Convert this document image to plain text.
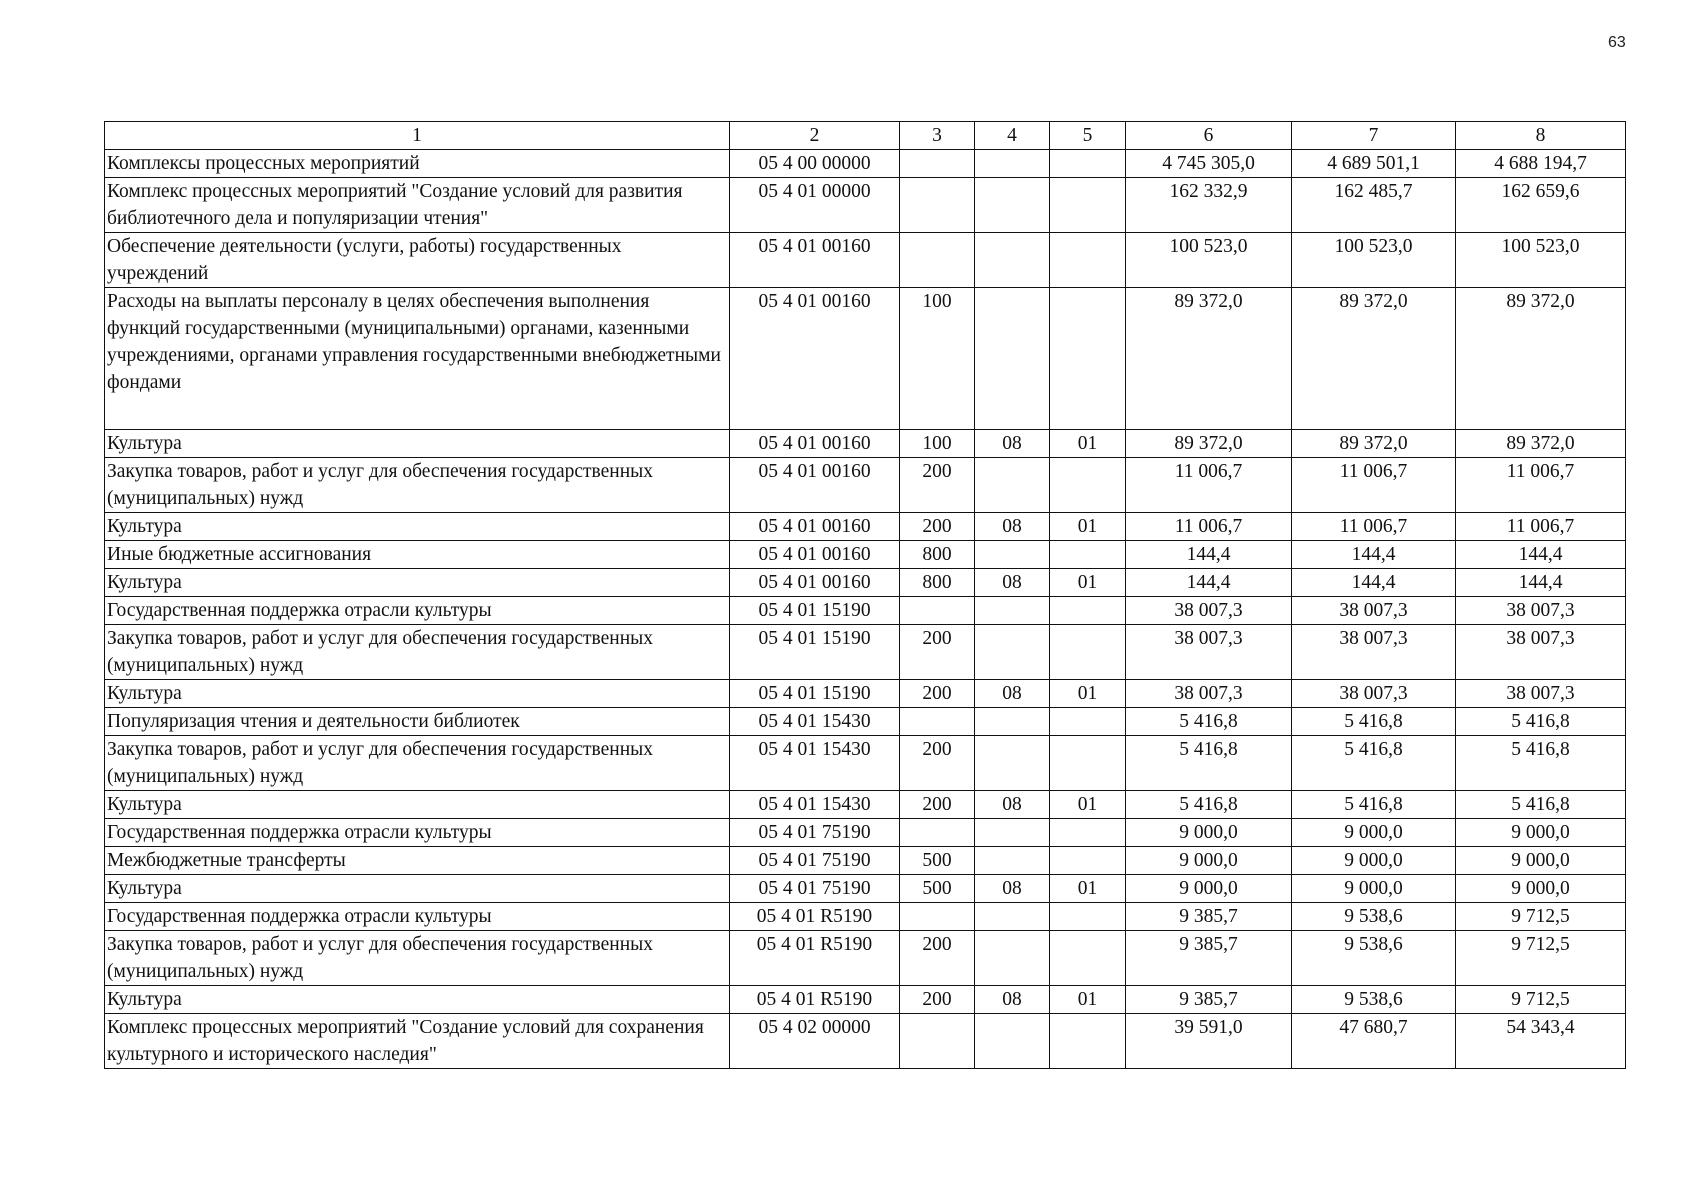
63
1	2	3	4	5	6	7	8
Комплексы процессных мероприятий	05 4 00 00000				4 745 305,0	4 689 501,1	4 688 194,7
Комплекс процессных мероприятий "Создание условий для развития библиотечного дела и популяризации чтения"	05 4 01 00000				162 332,9	162 485,7	162 659,6
Обеспечение деятельности (услуги, работы) государственных учреждений	05 4 01 00160				100 523,0	100 523,0	100 523,0
Расходы на выплаты персоналу в целях обеспечения выполнения функций государственными (муниципальными) органами, казенными учреждениями, органами управления государственными внебюджетными фондами	05 4 01 00160	100			89 372,0	89 372,0	89 372,0
Культура	05 4 01 00160	100	08	01	89 372,0	89 372,0	89 372,0
Закупка товаров, работ и услуг для обеспечения государственных (муниципальных) нужд	05 4 01 00160	200			11 006,7	11 006,7	11 006,7
Культура	05 4 01 00160	200	08	01	11 006,7	11 006,7	11 006,7
Иные бюджетные ассигнования	05 4 01 00160	800			144,4	144,4	144,4
Культура	05 4 01 00160	800	08	01	144,4	144,4	144,4
Государственная поддержка отрасли культуры	05 4 01 15190				38 007,3	38 007,3	38 007,3
Закупка товаров, работ и услуг для обеспечения государственных (муниципальных) нужд	05 4 01 15190	200			38 007,3	38 007,3	38 007,3
Культура	05 4 01 15190	200	08	01	38 007,3	38 007,3	38 007,3
Популяризация чтения и деятельности библиотек	05 4 01 15430				5 416,8	5 416,8	5 416,8
Закупка товаров, работ и услуг для обеспечения государственных (муниципальных) нужд	05 4 01 15430	200			5 416,8	5 416,8	5 416,8
Культура	05 4 01 15430	200	08	01	5 416,8	5 416,8	5 416,8
Государственная поддержка отрасли культуры	05 4 01 75190				9 000,0	9 000,0	9 000,0
Межбюджетные трансферты	05 4 01 75190	500			9 000,0	9 000,0	9 000,0
Культура	05 4 01 75190	500	08	01	9 000,0	9 000,0	9 000,0
Государственная поддержка отрасли культуры	05 4 01 R5190				9 385,7	9 538,6	9 712,5
Закупка товаров, работ и услуг для обеспечения государственных (муниципальных) нужд	05 4 01 R5190	200			9 385,7	9 538,6	9 712,5
Культура	05 4 01 R5190	200	08	01	9 385,7	9 538,6	9 712,5
Комплекс процессных мероприятий "Создание условий для сохранения культурного и исторического наследия"	05 4 02 00000				39 591,0	47 680,7	54 343,4
